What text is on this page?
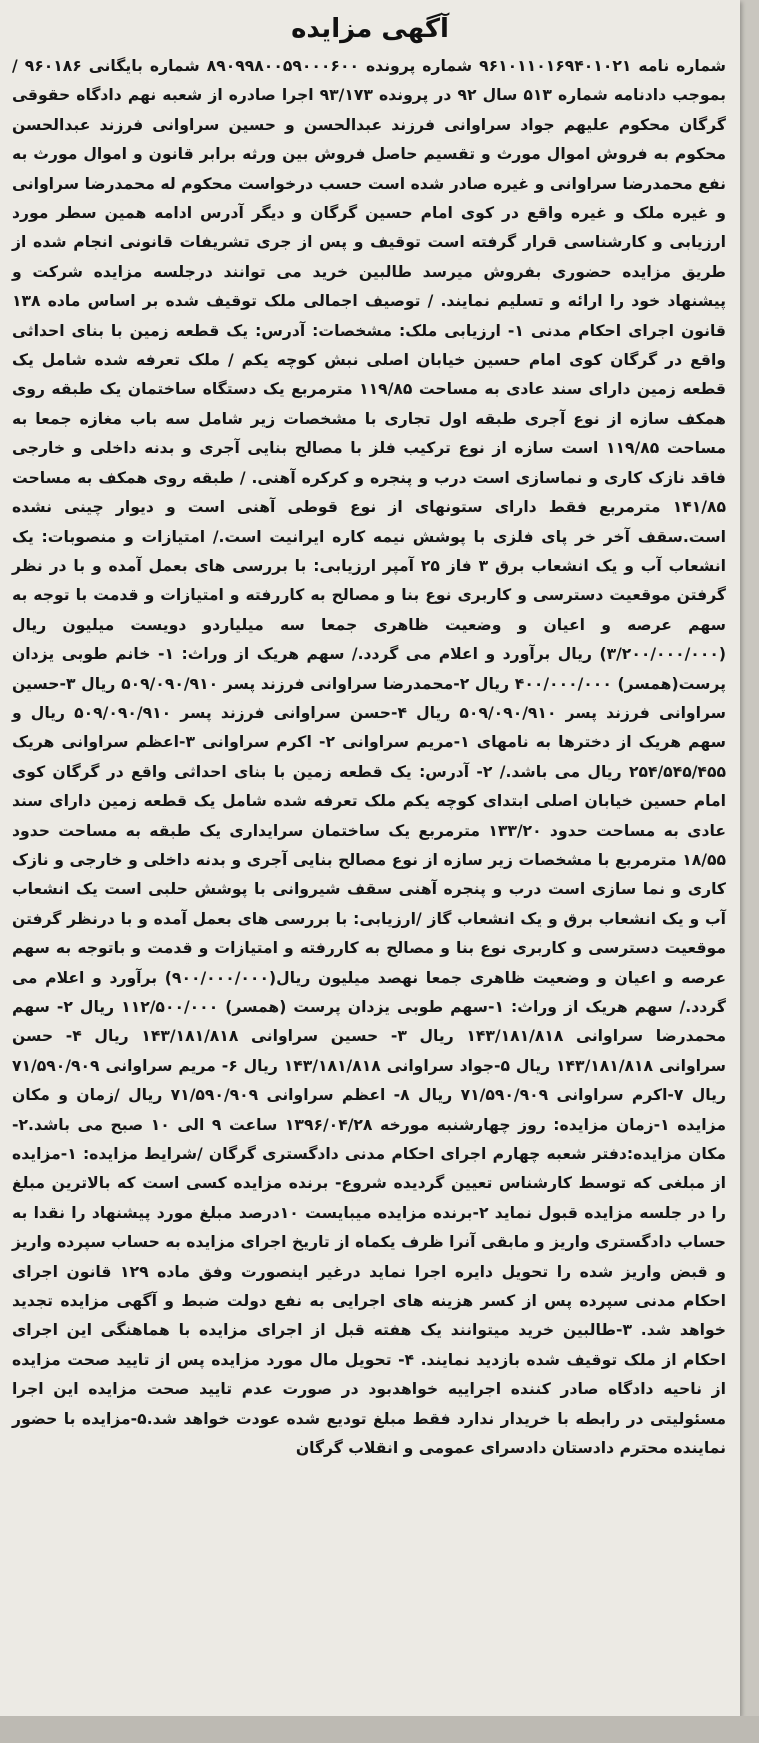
آگهی مزایده
شماره نامه ۹۶۱۰۱۱۰۱۶۹۴۰۱۰۲۱ شماره پرونده ۸۹۰۹۹۸۰۰۵۹۰۰۰۶۰۰ شماره بایگانی ۹۶۰۱۸۶ /بموجب دادنامه شماره ۵۱۳ سال ۹۲ در پرونده ۹۳/۱۷۳ اجرا صادره از شعبه نهم دادگاه حقوقی گرگان محکوم علیهم جواد سراوانی فرزند عبدالحسن و حسین سراوانی فرزند عبدالحسن محکوم به فروش اموال مورث و تقسیم حاصل فروش بین ورثه برابر قانون و اموال مورث به نفع محمدرضا سراوانی و غیره صادر شده است حسب درخواست محکوم له محمدرضا سراوانی و غیره ملک و غیره واقع در کوی امام حسین گرگان و دیگر آدرس ادامه همین سطر مورد ارزیابی و کارشناسی قرار گرفته است توقیف و پس از جری تشریفات قانونی انجام شده از طریق مزایده حضوری بفروش میرسد طالبین خرید می توانند درجلسه مزایده شرکت و پیشنهاد خود را ارائه و تسلیم نمایند. / توصیف اجمالی ملک توقیف شده بر اساس ماده ۱۳۸ قانون اجرای احکام مدنی ۱- ارزیابی ملک: مشخصات: آدرس: یک قطعه زمین با بنای احداثی واقع در گرگان کوی امام حسین خیابان اصلی نبش کوچه یکم / ملک تعرفه شده شامل یک قطعه زمین دارای سند عادی به مساحت ۱۱۹/۸۵ مترمربع یک دستگاه ساختمان یک طبقه روی همکف سازه از نوع آجری طبقه اول تجاری با مشخصات زیر شامل سه باب مغازه جمعا به مساحت ۱۱۹/۸۵ است سازه از نوع ترکیب فلز با مصالح بنایی آجری و بدنه داخلی و خارجی فاقد نازک کاری و نماسازی است درب و پنجره و کرکره آهنی. / طبقه روی همکف به مساحت ۱۴۱/۸۵ مترمربع فقط دارای ستونهای از نوع قوطی آهنی است و دیوار چینی نشده است.سقف آخر خر پای فلزی با پوشش نیمه کاره ایرانیت است./ امتیازات و منصوبات: یک انشعاب آب و یک انشعاب برق ۳ فاز ۲۵ آمپر ارزیابی: با بررسی های بعمل آمده و با در نظر گرفتن موقعیت دسترسی و کاربری نوع بنا و مصالح به کاررفته و امتیازات و قدمت با توجه به سهم عرصه و اعیان و وضعیت ظاهری جمعا سه میلیاردو دویست میلیون ریال (۳/۲۰۰/۰۰۰/۰۰۰) ریال برآورد و اعلام می گردد./ سهم هریک از وراث: ۱- خانم طوبی یزدان پرست(همسر) ۴۰۰/۰۰۰/۰۰۰ ریال ۲-محمدرضا سراوانی فرزند پسر ۵۰۹/۰۹۰/۹۱۰ ریال ۳-حسین سراوانی فرزند پسر ۵۰۹/۰۹۰/۹۱۰ ریال ۴-حسن سراوانی فرزند پسر ۵۰۹/۰۹۰/۹۱۰ ریال و سهم هریک از دخترها به نامهای ۱-مریم سراوانی ۲- اکرم سراوانی ۳-اعظم سراوانی هریک ۲۵۴/۵۴۵/۴۵۵ ریال می باشد./ ۲- آدرس: یک قطعه زمین با بنای احداثی واقع در گرگان کوی امام حسین خیابان اصلی ابتدای کوچه یکم ملک تعرفه شده شامل یک قطعه زمین دارای سند عادی به مساحت حدود ۱۳۳/۲۰ مترمربع یک ساختمان سرایداری یک طبقه به مساحت حدود ۱۸/۵۵ مترمربع با مشخصات زیر سازه از نوع مصالح بنایی آجری و بدنه داخلی و خارجی و نازک کاری و نما سازی است درب و پنجره آهنی سقف شیروانی با پوشش حلبی است یک انشعاب آب و یک انشعاب برق و یک انشعاب گاز /ارزیابی: با بررسی های بعمل آمده و با درنظر گرفتن موقعیت دسترسی و کاربری نوع بنا و مصالح به کاررفته و امتیازات و قدمت و باتوجه به سهم عرصه و اعیان و وضعیت ظاهری جمعا نهصد میلیون ریال(۹۰۰/۰۰۰/۰۰۰) برآورد و اعلام می گردد./ سهم هریک از وراث: ۱-سهم طوبی یزدان پرست (همسر) ۱۱۲/۵۰۰/۰۰۰ ریال ۲- سهم محمدرضا سراوانی ۱۴۳/۱۸۱/۸۱۸ ریال ۳- حسین سراوانی ۱۴۳/۱۸۱/۸۱۸ ریال ۴- حسن سراوانی ۱۴۳/۱۸۱/۸۱۸ ریال ۵-جواد سراوانی ۱۴۳/۱۸۱/۸۱۸ ریال ۶- مریم سراوانی ۷۱/۵۹۰/۹۰۹ ریال ۷-اکرم سراوانی ۷۱/۵۹۰/۹۰۹ ریال ۸- اعظم سراوانی ۷۱/۵۹۰/۹۰۹ ریال /زمان و مکان مزایده ۱-زمان مزایده: روز چهارشنبه مورخه ۱۳۹۶/۰۴/۲۸ ساعت ۹ الی ۱۰ صبح می باشد.۲-مکان مزایده:دفتر شعبه چهارم اجرای احکام مدنی دادگستری گرگان /شرایط مزایده: ۱-مزایده از مبلغی که توسط کارشناس تعیین گردیده شروع- برنده مزایده کسی است که بالاترین مبلغ را در جلسه مزایده قبول نماید ۲-برنده مزایده میبایست ۱۰درصد مبلغ مورد پیشنهاد را نقدا به حساب دادگستری واریز و مابقی آنرا ظرف یکماه از تاریخ اجرای مزایده به حساب سپرده واریز و قبض واریز شده را تحویل دایره اجرا نماید درغیر اینصورت وفق ماده ۱۲۹ قانون اجرای احکام مدنی سپرده پس از کسر هزینه های اجرایی به نفع دولت ضبط و آگهی مزایده تجدید خواهد شد. ۳-طالبین خرید میتوانند یک هفته قبل از اجرای مزایده با هماهنگی این اجرای احکام از ملک توقیف شده بازدید نمایند. ۴- تحویل مال مورد مزایده پس از تایید صحت مزایده از ناحیه دادگاه صادر کننده اجراییه خواهدبود در صورت عدم تایید صحت مزایده این اجرا مسئولیتی در رابطه با خریدار ندارد فقط مبلغ تودیع شده عودت خواهد شد.۵-مزایده با حضور نماینده محترم دادستان دادسرای عمومی و انقلاب گرگان
